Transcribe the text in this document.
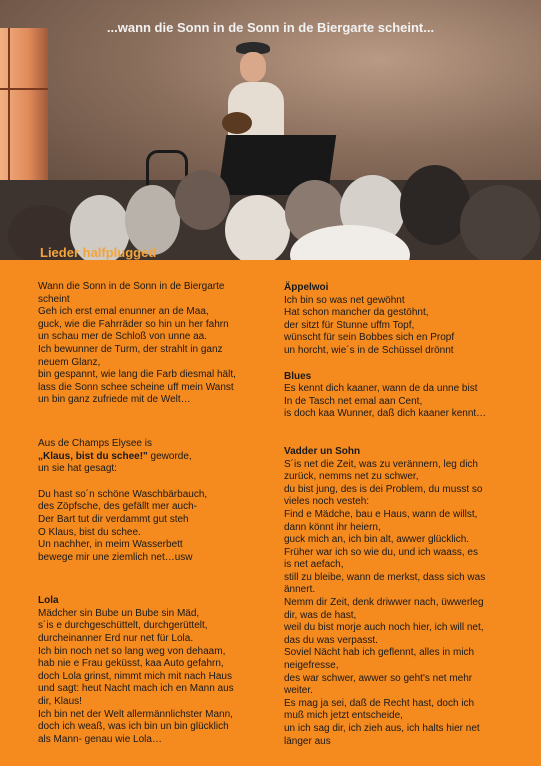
...wann die Sonn in de Sonn in de Biergarte scheint...
Lieder halfplugged

Wann die Sonn in de Sonn in de Biergarte
scheint
Geh ich erst emal enunner an de Maa,
guck, wie die Fahrräder so hin un her fahrn
un schau mer de Schloß von unne aa.
Ich bewunner de Turm, der strahlt in ganz
neuem Glanz,
bin gespannt, wie lang die Farb diesmal hält,
lass die Sonn schee scheine uff mein Wanst
un bin ganz zufriede mit de Welt…

Aus de Champs Elysee is
„Klaus, bist du schee!" geworde,
un sie hat gesagt:

Du hast so´n schöne Waschbärbauch,
des Zöpfsche, des gefällt mer auch-
Der Bart tut dir verdammt gut steh
O Klaus, bist du schee.
Un nachher, in meim Wasserbett
bewege mir une ziemlich net…usw

Lola

Mädcher sin Bube un Bube sin Mäd,
s´is e durchgeschüttelt, durchgerüttelt,
durcheinanner Erd nur net für Lola.
Ich bin noch net so lang weg von dehaam,
hab nie e Frau geküsst, kaa Auto gefahrn,
doch Lola grinst, nimmt mich mit nach Haus
und sagt: heut Nacht mach ich en Mann aus
dir, Klaus!
Ich bin net der Welt allermännlichster Mann,
doch ich weaß, was ich bin un bin glücklich
als Mann- genau wie Lola…

Äppelwoi

Ich bin so was net gewöhnt
Hat schon mancher da gestöhnt,
der sitzt für Stunne uffm Topf,
wünscht für sein Bobbes sich en Propf
un horcht, wie´s in de Schüssel drönnt

Blues

Es kennt dich kaaner, wann de da unne bist
In de Tasch net emal aan Cent,
is doch kaa Wunner, daß dich kaaner kennt…

Vadder un Sohn

S´is net die Zeit, was zu verännern, leg dich
zurück, nemms net zu schwer,
du bist jung, des is dei Problem, du musst so
vieles noch vesteh:
Find e Mädche, bau e Haus, wann de willst,
dann könnt ihr heiern,
guck mich an, ich bin alt, awwer glücklich.
Früher war ich so wie du, und ich waass, es
is net aefach,
still zu bleibe, wann de merkst, dass sich was
ännert.
Nemm dir Zeit, denk driwwer nach, üwwerleg
dir, was de hast,
weil du bist morje auch noch hier, ich will net,
das du was verpasst.
Soviel Nächt hab ich geflennt, alles in mich
neigefresse,
des war schwer, awwer so geht's net mehr
weiter.
Es mag ja sei, daß de Recht hast, doch ich
muß mich jetzt entscheide,
un ich sag dir, ich zieh aus, ich halts hier net
länger aus
